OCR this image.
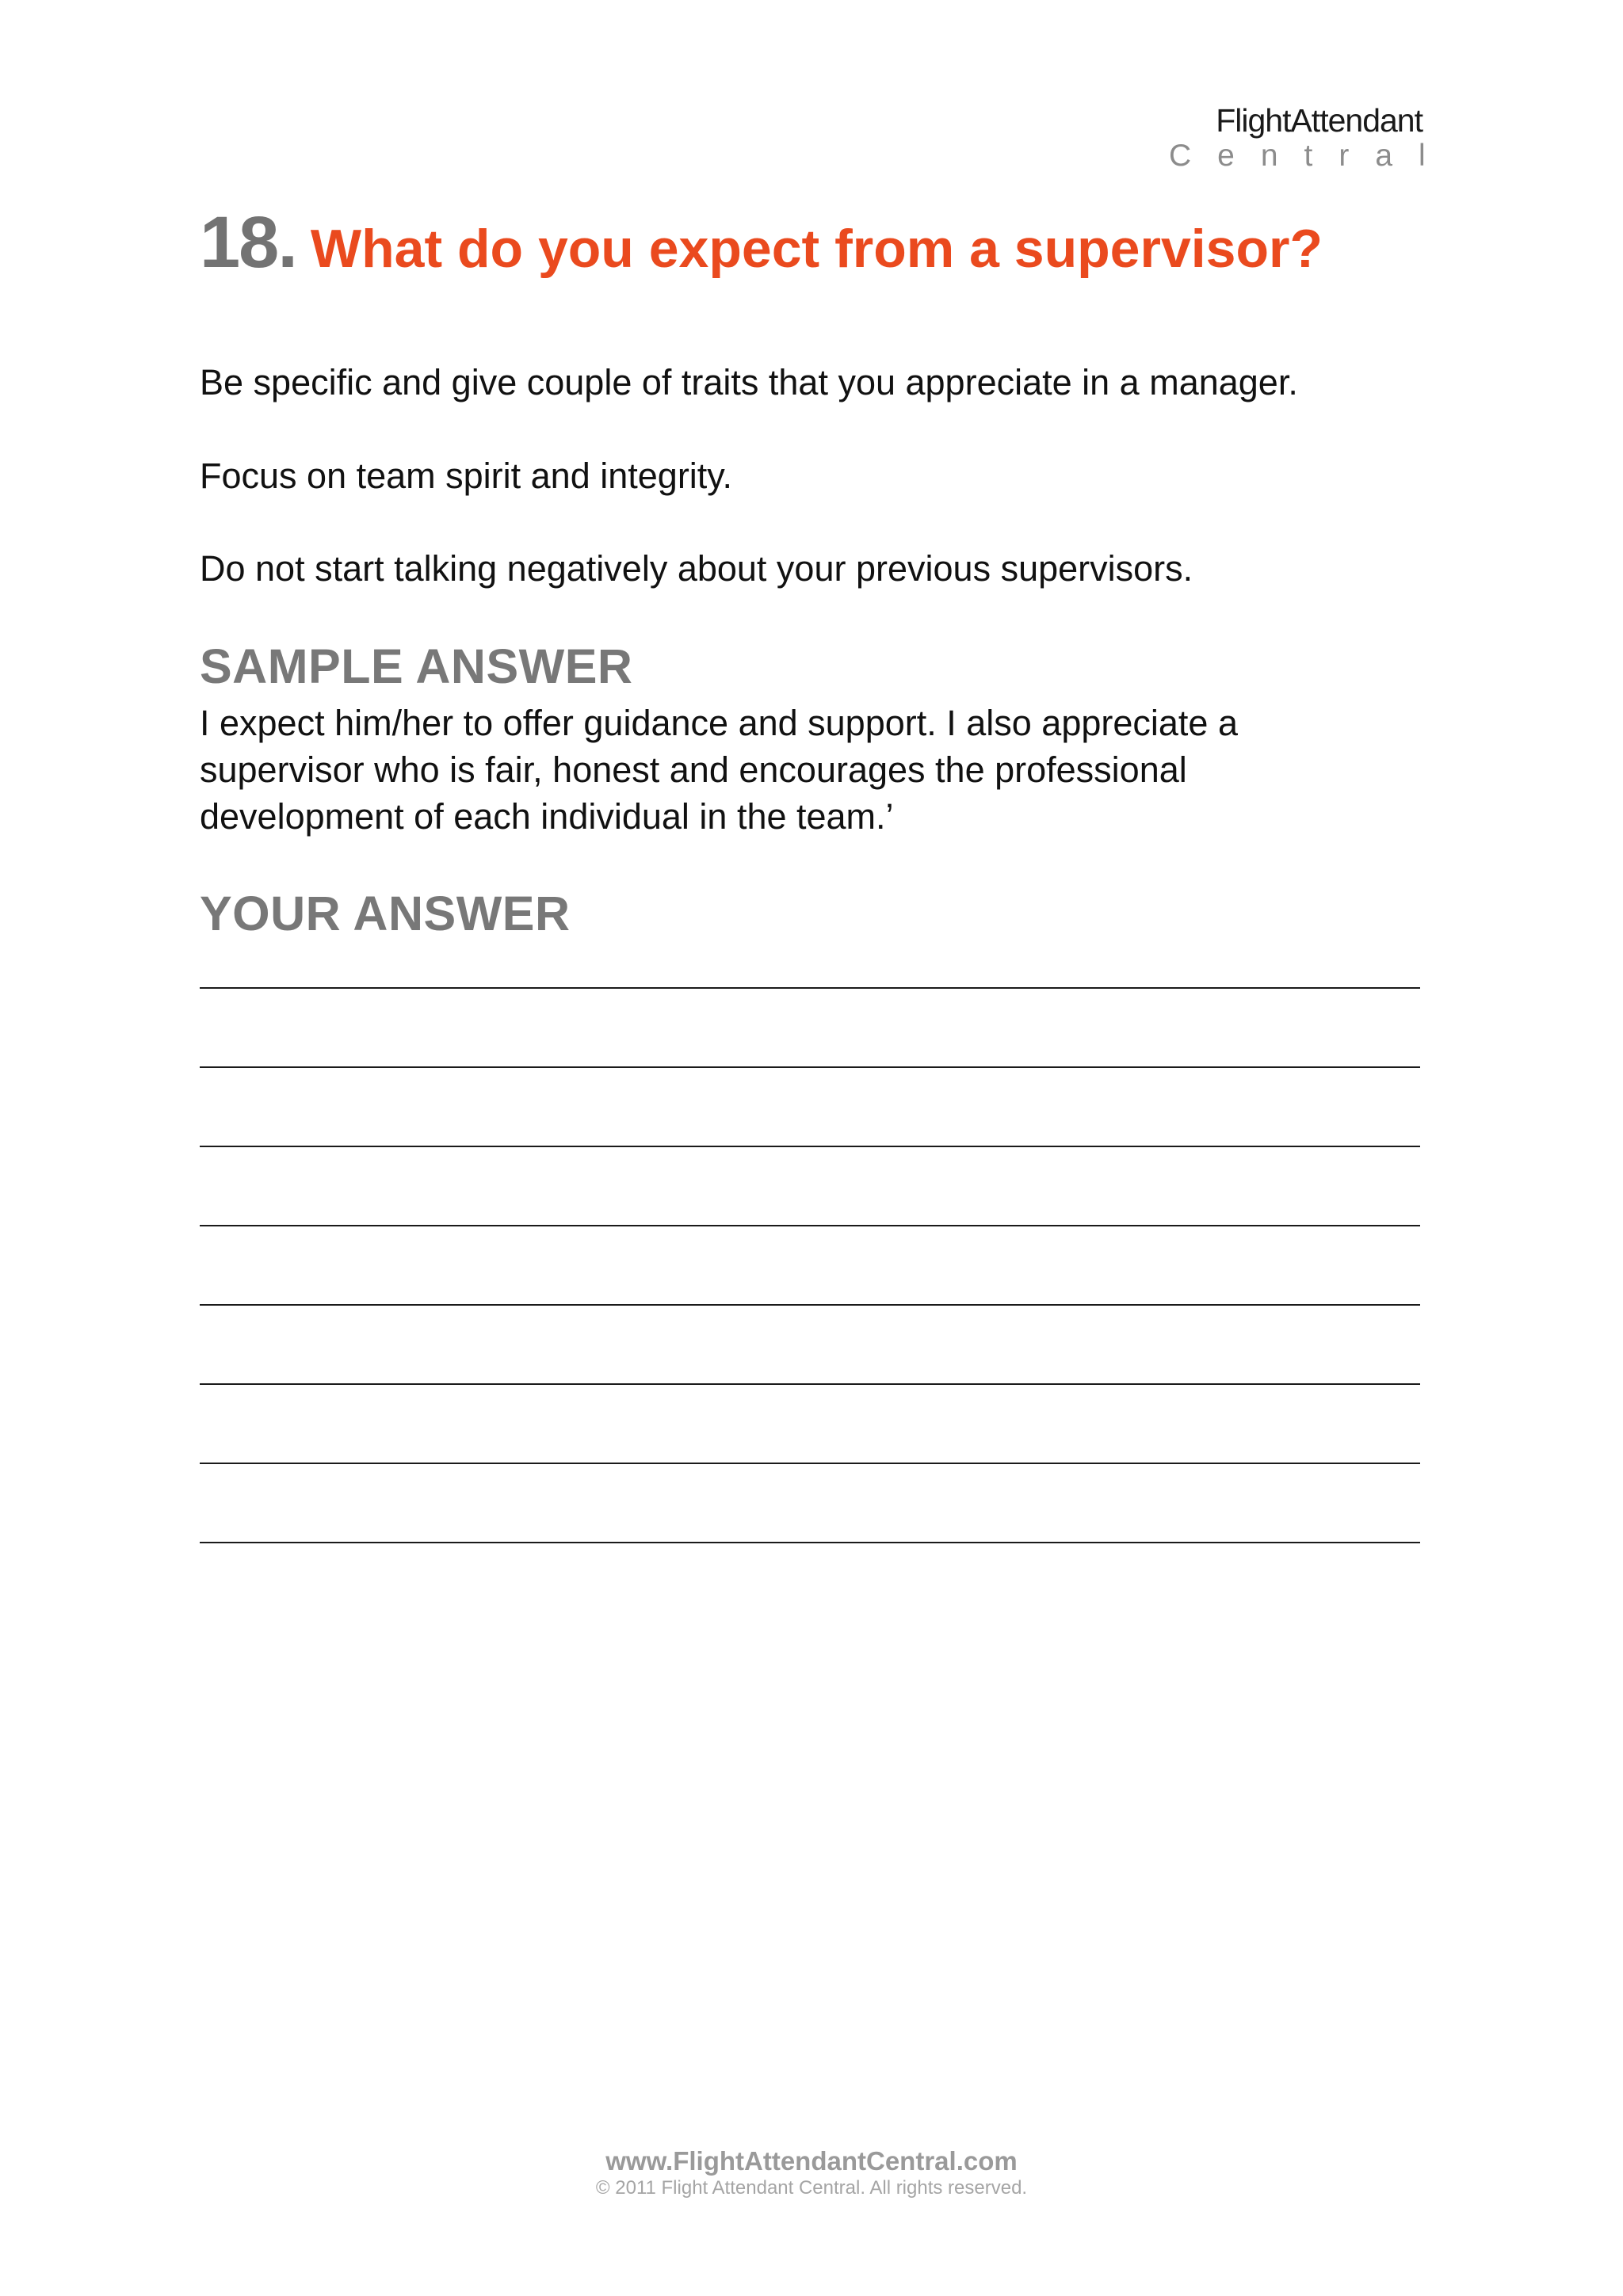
FlightAttendant
Central
18. What do you expect from a supervisor?
Be specific and give couple of traits that you appreciate in a manager.
Focus on team spirit and integrity.
Do not start talking negatively about your previous supervisors.
SAMPLE ANSWER
I expect him/her to offer guidance and support. I also appreciate a
supervisor who is fair, honest and encourages the professional
development of each individual in the team.’
YOUR ANSWER
www.FlightAttendantCentral.com
© 2011 Flight Attendant Central. All rights reserved.
